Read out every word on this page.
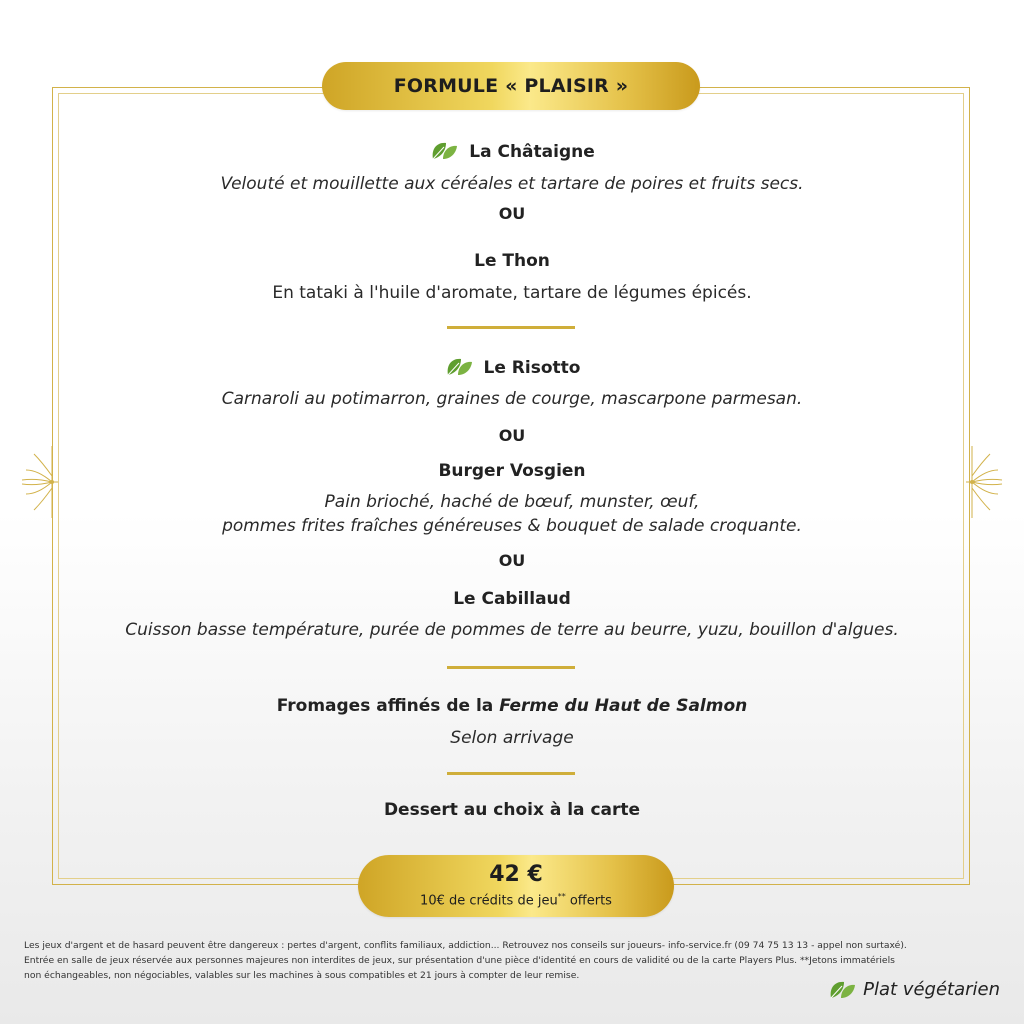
FORMULE « PLAISIR »
La Châtaigne
Velouté et mouillette aux céréales et tartare de poires et fruits secs.
OU
Le Thon
En tataki à l'huile d'aromate, tartare de légumes épicés.
Le Risotto
Carnaroli au potimarron, graines de courge, mascarpone parmesan.
OU
Burger Vosgien
Pain brioché, haché de bœuf, munster, œuf,
pommes frites fraîches généreuses & bouquet de salade croquante.
OU
Le Cabillaud
Cuisson basse température, purée de pommes de terre au beurre, yuzu, bouillon d'algues.
Fromages affinés de la Ferme du Haut de Salmon
Selon arrivage
Dessert au choix à la carte
42 €
10€ de crédits de jeu** offerts

Les jeux d'argent et de hasard peuvent être dangereux : pertes d'argent, conflits familiaux, addiction... Retrouvez nos conseils sur joueurs- info-service.fr (09 74 75 13 13 - appel non surtaxé).

Entrée en salle de jeux réservée aux personnes majeures non interdites de jeux, sur présentation d'une pièce d'identité en cours de validité ou de la carte Players Plus. **Jetons immatériels

non échangeables, non négociables, valables sur les machines à sous compatibles et 21 jours à compter de leur remise.

Plat végétarien
